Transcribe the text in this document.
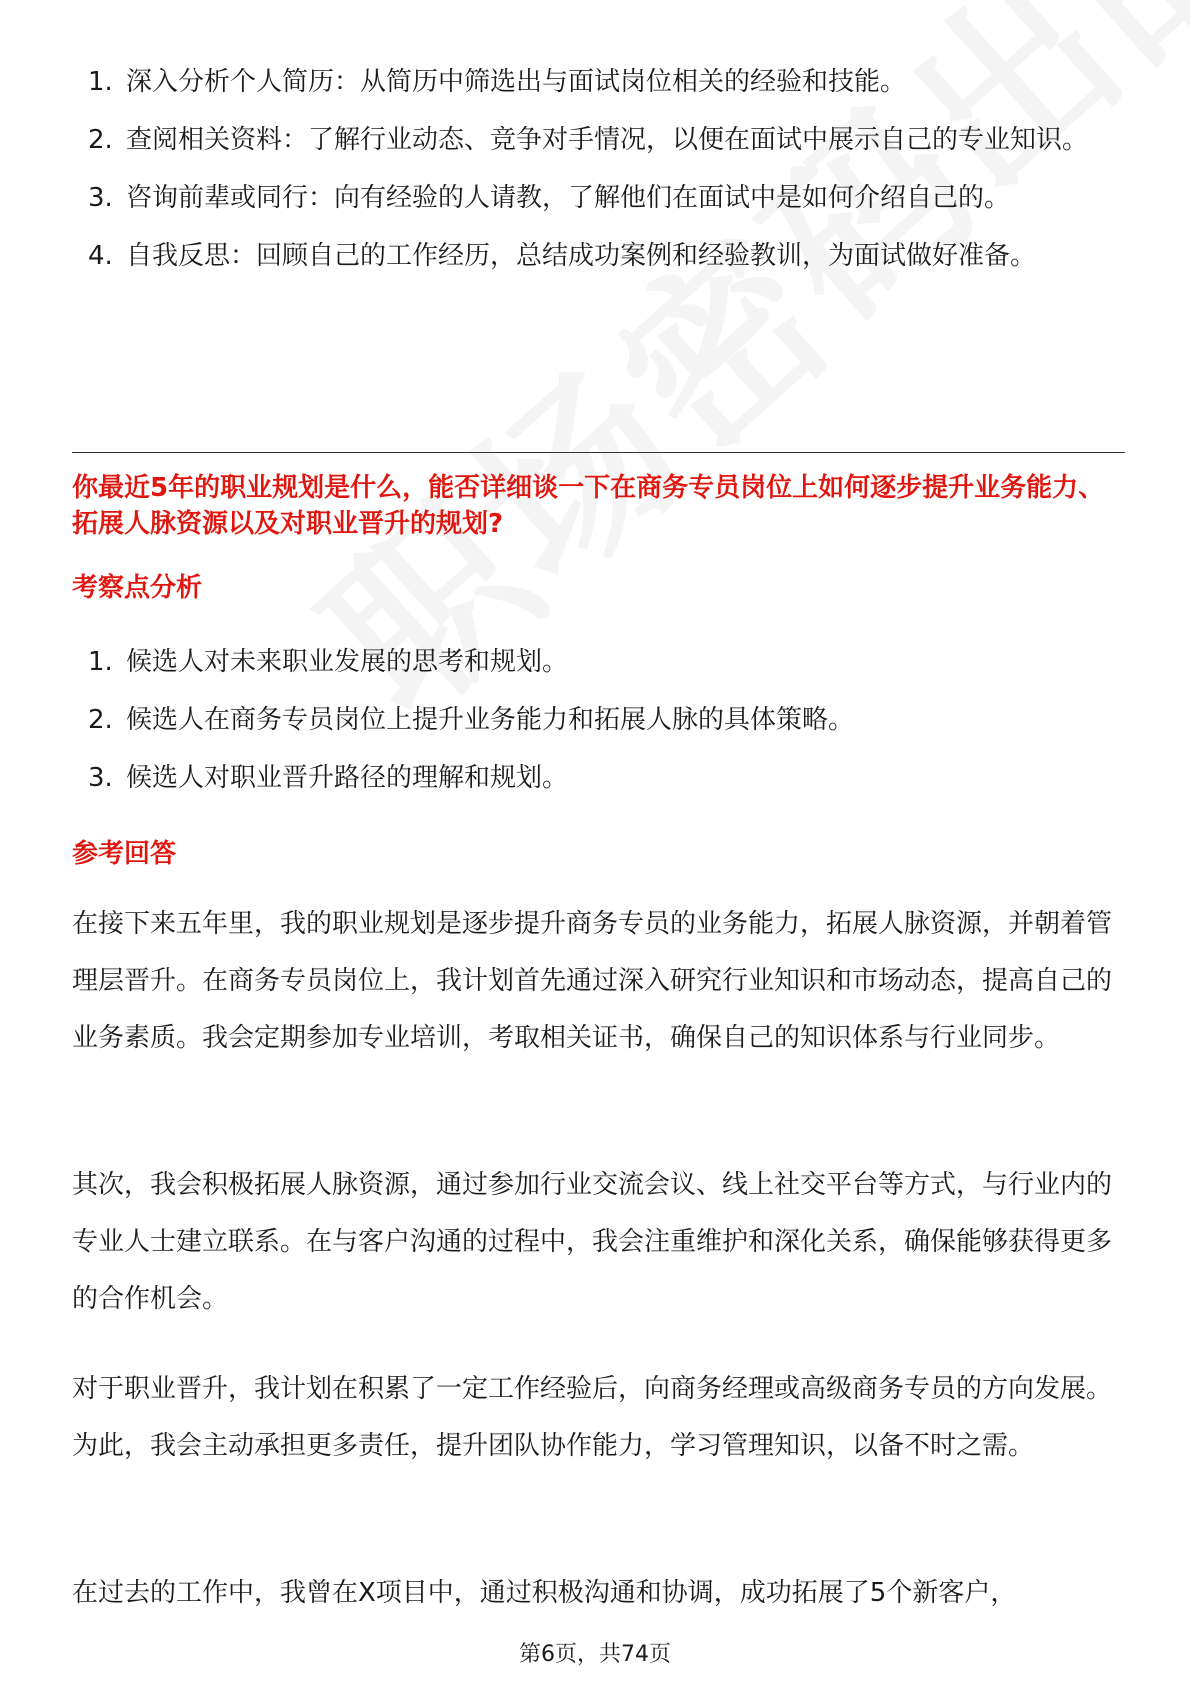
1. 深入分析个人简历：从简历中筛选出与面试岗位相关的经验和技能。
2. 查阅相关资料：了解行业动态、竞争对手情况，以便在面试中展示自己的专业知识。
3. 咨询前辈或同行：向有经验的人请教，了解他们在面试中是如何介绍自己的。
4. 自我反思：回顾自己的工作经历，总结成功案例和经验教训，为面试做好准备。
你最近5年的职业规划是什么，能否详细谈一下在商务专员岗位上如何逐步提升业务能力、拓展人脉资源以及对职业晋升的规划?
考察点分析
1. 候选人对未来职业发展的思考和规划。
2. 候选人在商务专员岗位上提升业务能力和拓展人脉的具体策略。
3. 候选人对职业晋升路径的理解和规划。
参考回答

在接下来五年里，我的职业规划是逐步提升商务专员的业务能力，拓展人脉资源，并朝着管理层晋升。在商务专员岗位上，我计划首先通过深入研究行业知识和市场动态，提高自己的业务素质。我会定期参加专业培训，考取相关证书，确保自己的知识体系与行业同步。

其次，我会积极拓展人脉资源，通过参加行业交流会议、线上社交平台等方式，与行业内的专业人士建立联系。在与客户沟通的过程中，我会注重维护和深化关系，确保能够获得更多的合作机会。

对于职业晋升，我计划在积累了一定工作经验后，向商务经理或高级商务专员的方向发展。为此，我会主动承担更多责任，提升团队协作能力，学习管理知识，以备不时之需。

在过去的工作中，我曾在X项目中，通过积极沟通和协调，成功拓展了5个新客户，

第6页，共74页
